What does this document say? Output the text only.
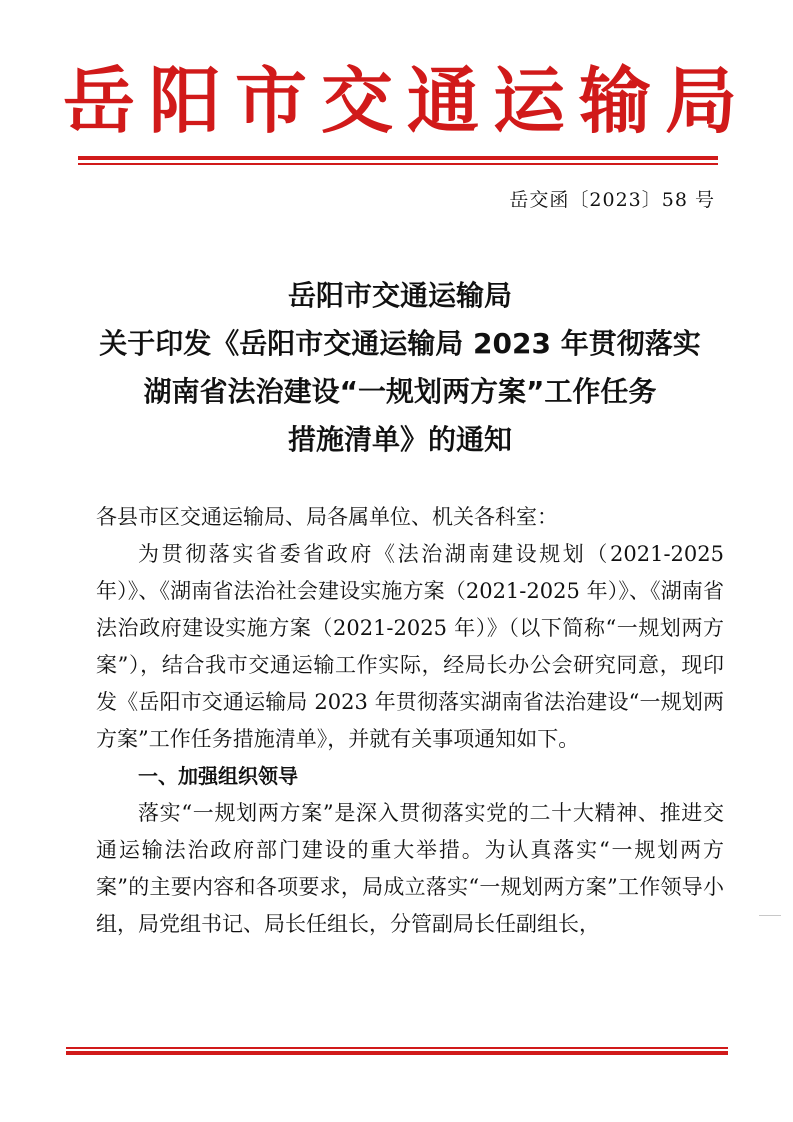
岳 阳 市 交 通 运 输 局
岳交函〔2023〕58 号
岳阳市交通运输局
关于印发《岳阳市交通运输局 2023 年贯彻落实
湖南省法治建设“一规划两方案”工作任务
措施清单》的通知

各县市区交通运输局、局各属单位、机关各科室：

为贯彻落实省委省政府《法治湖南建设规划（2021-2025 年）》、《湖南省法治社会建设实施方案（2021-2025 年）》、《湖南省法治政府建设实施方案（2021-2025 年）》（以下简称“一规划两方案”），结合我市交通运输工作实际，经局长办公会研究同意，现印发《岳阳市交通运输局 2023 年贯彻落实湖南省法治建设“一规划两方案”工作任务措施清单》，并就有关事项通知如下。

一、加强组织领导

落实“一规划两方案”是深入贯彻落实党的二十大精神、推进交通运输法治政府部门建设的重大举措。为认真落实“一规划两方案”的主要内容和各项要求，局成立落实“一规划两方案”工作领导小组，局党组书记、局长任组长，分管副局长任副组长，
